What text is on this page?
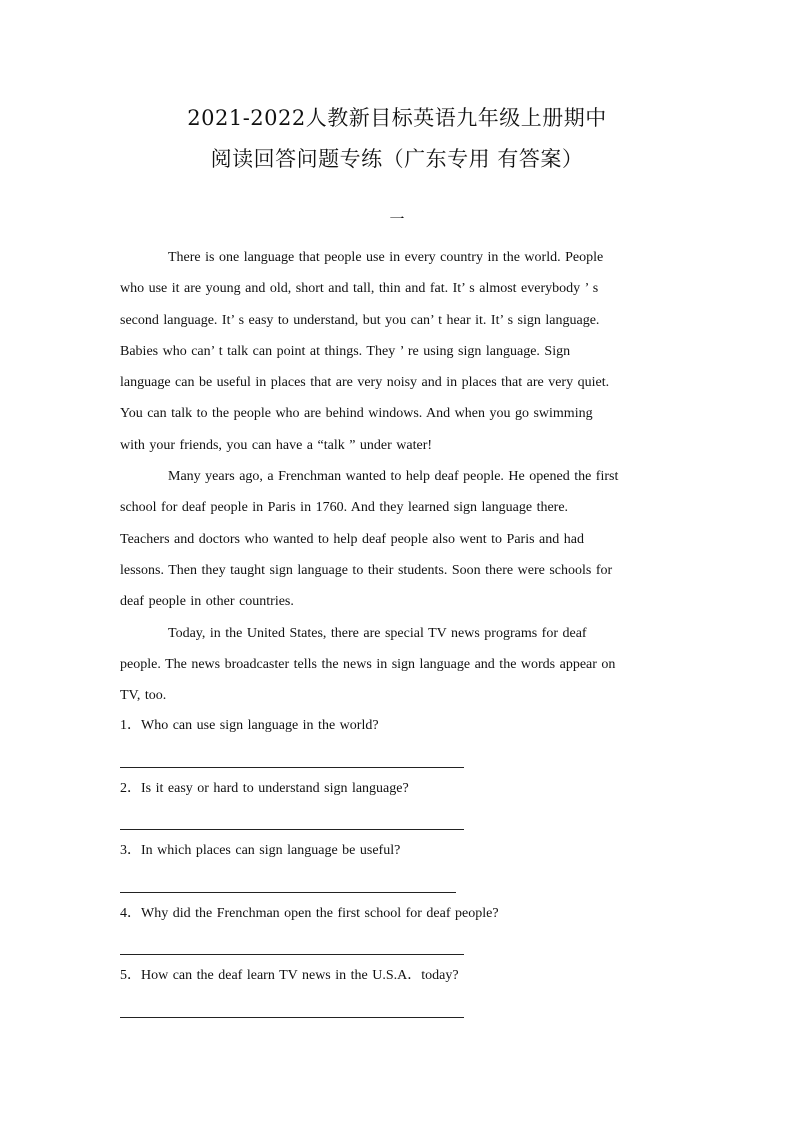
2021-2022人教新目标英语九年级上册期中
阅读回答问题专练（广东专用 有答案）
一
There is one language that people use in every country in the world. People
who use it are young and old, short and tall, thin and fat. It’ s almost everybody ’ s
second language. It’ s easy to understand, but you can’ t hear it. It’ s sign language.
Babies who can’ t talk can point at things. They ’ re using sign language. Sign
language can be useful in places that are very noisy and in places that are very quiet.
You can talk to the people who are behind windows. And when you go swimming
with your friends, you can have a “talk ” under water!
Many years ago, a Frenchman wanted to help deaf people. He opened the first
school for deaf people in Paris in 1760. And they learned sign language there.
Teachers and doctors who wanted to help deaf people also went to Paris and had
lessons. Then they taught sign language to their students. Soon there were schools for
deaf people in other countries.
Today, in the United States, there are special TV news programs for deaf
people. The news broadcaster tells the news in sign language and the words appear on
TV, too.
1．Who can use sign language in the world?
2．Is it easy or hard to understand sign language?
3．In which places can sign language be useful?
4．Why did the Frenchman open the first school for deaf people?
5．How can the deaf learn TV news in the U.S.A．today?
